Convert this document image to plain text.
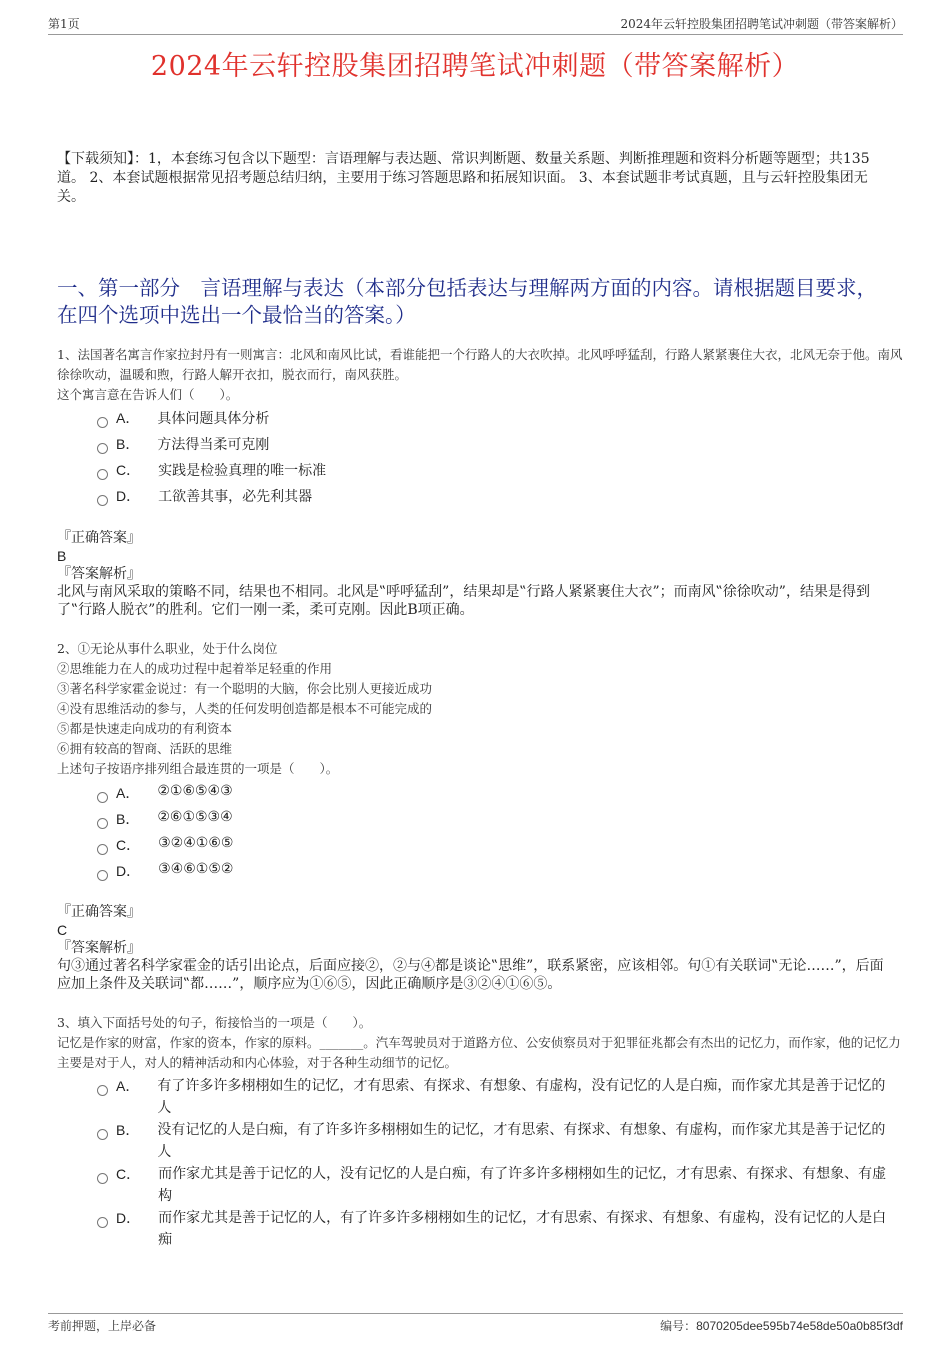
第1页	2024年云轩控股集团招聘笔试冲刺题（带答案解析）
2024年云轩控股集团招聘笔试冲刺题（带答案解析）
【下载须知】：1，本套练习包含以下题型：言语理解与表达题、常识判断题、数量关系题、判断推理题和资料分析题等题型；共135道。 2、本套试题根据常见招考题总结归纳，主要用于练习答题思路和拓展知识面。 3、本套试题非考试真题，且与云轩控股集团无关。
一、第一部分　言语理解与表达（本部分包括表达与理解两方面的内容。请根据题目要求，在四个选项中选出一个最恰当的答案。）

1、法国著名寓言作家拉封丹有一则寓言：北风和南风比试，看谁能把一个行路人的大衣吹掉。北风呼呼猛刮，行路人紧紧裹住大衣，北风无奈于他。南风徐徐吹动，温暖和煦，行路人解开衣扣，脱衣而行，南风获胜。

这个寓言意在告诉人们（　　）。

A． 具体问题具体分析
B． 方法得当柔可克刚
C． 实践是检验真理的唯一标准
D． 工欲善其事，必先利其器
『正确答案』
B
『答案解析』
北风与南风采取的策略不同，结果也不相同。北风是‟呼呼猛刮”，结果却是‟行路人紧紧裹住大衣”；而南风‟徐徐吹动”，结果是得到了‟行路人脱衣”的胜利。它们一刚一柔，柔可克刚。因此B项正确。

2、①无论从事什么职业，处于什么岗位

②思维能力在人的成功过程中起着举足轻重的作用

③著名科学家霍金说过：有一个聪明的大脑，你会比别人更接近成功

④没有思维活动的参与，人类的任何发明创造都是根本不可能完成的

⑤都是快速走向成功的有利资本

⑥拥有较高的智商、活跃的思维

上述句子按语序排列组合最连贯的一项是（　　）。

A． ②①⑥⑤④③
B． ②⑥①⑤③④
C． ③②④①⑥⑤
D． ③④⑥①⑤②
『正确答案』
C
『答案解析』
句③通过著名科学家霍金的话引出论点，后面应接②，②与④都是谈论‟思维”，联系紧密，应该相邻。句①有关联词‟无论……”，后面应加上条件及关联词‟都……”，顺序应为①⑥⑤，因此正确顺序是③②④①⑥⑤。

3、填入下面括号处的句子，衔接恰当的一项是（　　）。

记忆是作家的财富，作家的资本，作家的原料。_______。汽车驾驶员对于道路方位、公安侦察员对于犯罪征兆都会有杰出的记忆力，而作家，他的记忆力主要是对于人，对人的精神活动和内心体验，对于各种生动细节的记忆。

A． 有了许多许多栩栩如生的记忆，才有思索、有探求、有想象、有虚构，没有记忆的人是白痴，而作家尤其是善于记忆的人
B． 没有记忆的人是白痴，有了许多许多栩栩如生的记忆，才有思索、有探求、有想象、有虚构，而作家尤其是善于记忆的人
C． 而作家尤其是善于记忆的人，没有记忆的人是白痴，有了许多许多栩栩如生的记忆，才有思索、有探求、有想象、有虚构
D． 而作家尤其是善于记忆的人，有了许多许多栩栩如生的记忆，才有思索、有探求、有想象、有虚构，没有记忆的人是白痴
考前押题，上岸必备	编号：8070205dee595b74e58de50a0b85f3df
